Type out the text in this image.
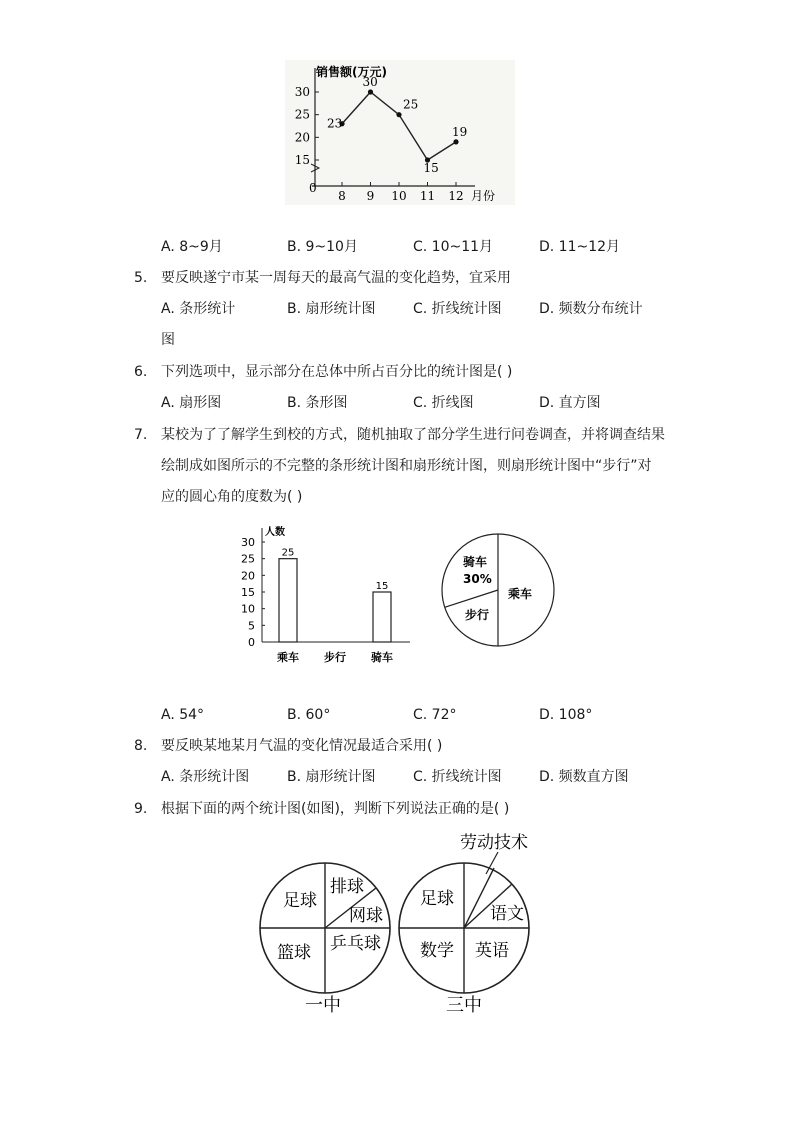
30
25
20
15
8 9 10 11 12
23
30
25
15
19
销售额(万元)
月份
0
A. 8~9月	B. 9~10月	C. 10~11月	D. 11~12月
5. 要反映遂宁市某一周每天的最高气温的变化趋势，宜采用
A. 条形统计	B. 扇形统计图	C. 折线统计图	D. 频数分布统计
图
6. 下列选项中，显示部分在总体中所占百分比的统计图是( )
A. 扇形图	B. 条形图	C. 折线图	D. 直方图
7. 某校为了了解学生到校的方式，随机抽取了部分学生进行问卷调查，并将调查结果
绘制成如图所示的不完整的条形统计图和扇形统计图，则扇形统计图中“步行”对
应的圆心角的度数为( )
30
25
20
15
10
5
0
乘车 步行 骑车
25
15
人数
骑车
30%
步行
乘车
A. 54°	B. 60°	C. 72°	D. 108°
8. 要反映某地某月气温的变化情况最适合采用( )
A. 条形统计图	B. 扇形统计图	C. 折线统计图	D. 频数直方图
9. 根据下面的两个统计图(如图)，判断下列说法正确的是( )
足球
排球
网球
篮球 乒乓球
一中
劳动技术
足球
语文
数学 英语
三中
